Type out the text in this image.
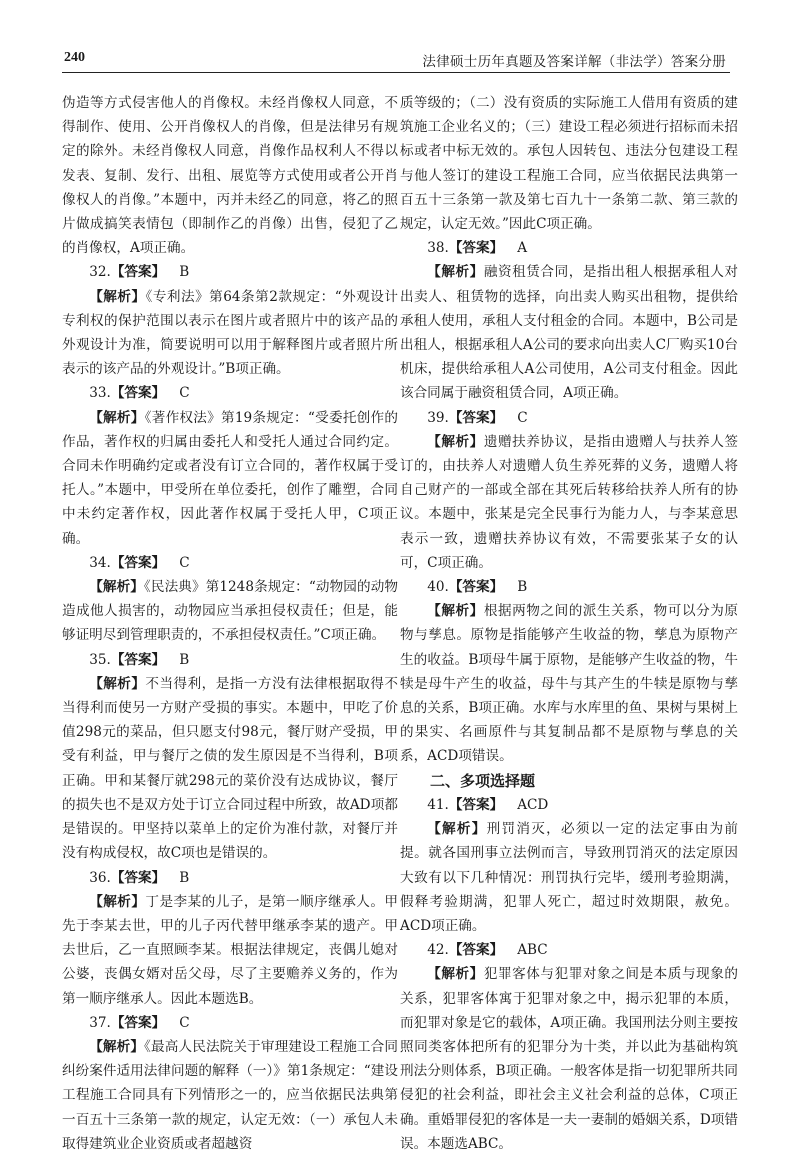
240	法律硕士历年真题及答案详解（非法学）答案分册

伪造等方式侵害他人的肖像权。未经肖像权人同意，不得制作、使用、公开肖像权人的肖像，但是法律另有规定的除外。未经肖像权人同意，肖像作品权利人不得以发表、复制、发行、出租、展览等方式使用或者公开肖像权人的肖像。”本题中，丙并未经乙的同意，将乙的照片做成搞笑表情包（即制作乙的肖像）出售，侵犯了乙的肖像权，A项正确。

32.【答案】 B

【解析】《专利法》第64条第2款规定：“外观设计专利权的保护范围以表示在图片或者照片中的该产品的外观设计为准，简要说明可以用于解释图片或者照片所表示的该产品的外观设计。”B项正确。

33.【答案】 C

【解析】《著作权法》第19条规定：“受委托创作的作品，著作权的归属由委托人和受托人通过合同约定。合同未作明确约定或者没有订立合同的，著作权属于受托人。”本题中，甲受所在单位委托，创作了雕塑，合同中未约定著作权，因此著作权属于受托人甲，C项正确。

34.【答案】 C

【解析】《民法典》第1248条规定：“动物园的动物造成他人损害的，动物园应当承担侵权责任；但是，能够证明尽到管理职责的，不承担侵权责任。”C项正确。

35.【答案】 B

【解析】不当得利，是指一方没有法律根据取得不当得利而使另一方财产受损的事实。本题中，甲吃了价值298元的菜品，但只愿支付98元，餐厅财产受损，甲受有利益，甲与餐厅之债的发生原因是不当得利，B项正确。甲和某餐厅就298元的菜价没有达成协议，餐厅的损失也不是双方处于订立合同过程中所致，故AD项都是错误的。甲坚持以菜单上的定价为准付款，对餐厅并没有构成侵权，故C项也是错误的。

36.【答案】 B

【解析】丁是李某的儿子，是第一顺序继承人。甲先于李某去世，甲的儿子丙代替甲继承李某的遗产。甲去世后，乙一直照顾李某。根据法律规定，丧偶儿媳对公婆，丧偶女婿对岳父母，尽了主要赡养义务的，作为第一顺序继承人。因此本题选B。

37.【答案】 C

【解析】《最高人民法院关于审理建设工程施工合同纠纷案件适用法律问题的解释（一）》第1条规定：“建设工程施工合同具有下列情形之一的，应当依据民法典第一百五十三条第一款的规定，认定无效：（一）承包人未取得建筑业企业资质或者超越资

质等级的；（二）没有资质的实际施工人借用有资质的建筑施工企业名义的；（三）建设工程必须进行招标而未招标或者中标无效的。承包人因转包、违法分包建设工程与他人签订的建设工程施工合同，应当依据民法典第一百五十三条第一款及第七百九十一条第二款、第三款的规定，认定无效。”因此C项正确。

38.【答案】 A

【解析】融资租赁合同，是指出租人根据承租人对出卖人、租赁物的选择，向出卖人购买出租物，提供给承租人使用，承租人支付租金的合同。本题中，B公司是出租人，根据承租人A公司的要求向出卖人C厂购买10台机床，提供给承租人A公司使用，A公司支付租金。因此该合同属于融资租赁合同，A项正确。

39.【答案】 C

【解析】遗赠扶养协议，是指由遗赠人与扶养人签订的，由扶养人对遗赠人负生养死葬的义务，遗赠人将自己财产的一部或全部在其死后转移给扶养人所有的协议。本题中，张某是完全民事行为能力人，与李某意思表示一致，遗赠扶养协议有效，不需要张某子女的认可，C项正确。

40.【答案】 B

【解析】根据两物之间的派生关系，物可以分为原物与孳息。原物是指能够产生收益的物，孳息为原物产生的收益。B项母牛属于原物，是能够产生收益的物，牛犊是母牛产生的收益，母牛与其产生的牛犊是原物与孳息的关系，B项正确。水库与水库里的鱼、果树与果树上的果实、名画原件与其复制品都不是原物与孳息的关系，ACD项错误。

二、多项选择题

41.【答案】 ACD

【解析】刑罚消灭，必须以一定的法定事由为前提。就各国刑事立法例而言，导致刑罚消灭的法定原因大致有以下几种情况：刑罚执行完毕，缓刑考验期满，假释考验期满，犯罪人死亡，超过时效期限，赦免。ACD项正确。

42.【答案】 ABC

【解析】犯罪客体与犯罪对象之间是本质与现象的关系，犯罪客体寓于犯罪对象之中，揭示犯罪的本质，而犯罪对象是它的载体，A项正确。我国刑法分则主要按照同类客体把所有的犯罪分为十类，并以此为基础构筑刑法分则体系，B项正确。一般客体是指一切犯罪所共同侵犯的社会利益，即社会主义社会利益的总体，C项正确。重婚罪侵犯的客体是一夫一妻制的婚姻关系，D项错误。本题选ABC。
